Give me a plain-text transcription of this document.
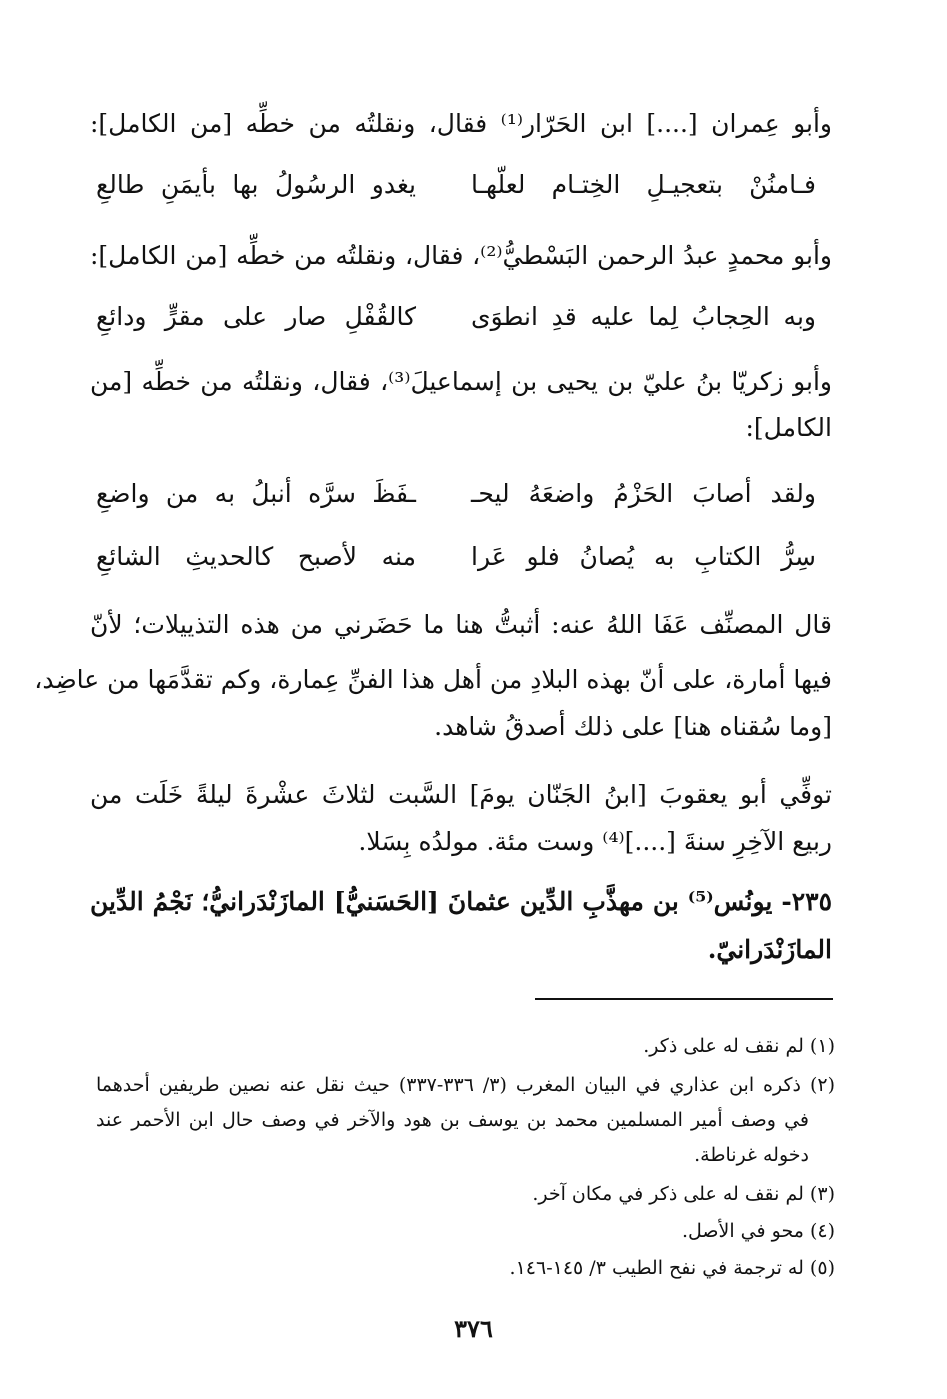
وأبو عِمران [....] ابن الحَرّار⁽¹⁾ فقال، ونقلتُه من خطِّه [من الكامل]:
فـامنُنْ بتعجيـلِ الخِتـام لعلّهـا
يغدو الرسُولُ بها بأيمَنِ طالعِ
وأبو محمدٍ عبدُ الرحمن البَسْطيُّ⁽²⁾، فقال، ونقلتُه من خطِّه [من الكامل]:
وبه الحِجابُ لِما عليه قدِ انطوَى
كالقُفْلِ صار على مقرٍّ ودائعِ
وأبو زكريّا بنُ عليّ بن يحيى بن إسماعيلَ⁽³⁾، فقال، ونقلتُه من خطِّه [من
الكامل]:
ولقد أصابَ الحَزْمُ واضعَهُ ليحـ
ـفَظَ سرَّه أنبلُ به من واضعِ
سِرُّ الكتابِ به يُصانُ فلو عَرا
منه لأصبح كالحديثِ الشائعِ
قال المصنِّف عَفَا اللهُ عنه: أثبتُّ هنا ما حَضَرني من هذه التذييلات؛ لأنّ
فيها أمارة، على أنّ بهذه البلادِ من أهل هذا الفنِّ عِمارة، وكم تقدَّمَها من عاضِد،
[وما سُقناه هنا] على ذلك أصدقُ شاهد.
توفِّي أبو يعقوبَ [ابنُ الجَنّان يومَ] السَّبت لثلاثَ عشْرةَ ليلةً خَلَت من
ربيع الآخِرِ سنةَ [....]⁽⁴⁾ وست مئة. مولدُه بِسَلا.
٢٣٥- يونُس⁽⁵⁾ بن مهذَّبِ الدِّين عثمانَ [الحَسَنيُّ] المازَنْدَرانيُّ؛ نَجْمُ الدِّين
المازَنْدَرانيّ.
(١) لم نقف له على ذكر.
(٢) ذكره ابن عذاري في البيان المغرب (٣/ ٣٣٦-٣٣٧) حيث نقل عنه نصين طريفين أحدهما
في وصف أمير المسلمين محمد بن يوسف بن هود والآخر في وصف حال ابن الأحمر عند
دخوله غرناطة.
(٣) لم نقف له على ذكر في مكان آخر.
(٤) محو في الأصل.
(٥) له ترجمة في نفح الطيب ٣/ ١٤٥-١٤٦.
٣٧٦
